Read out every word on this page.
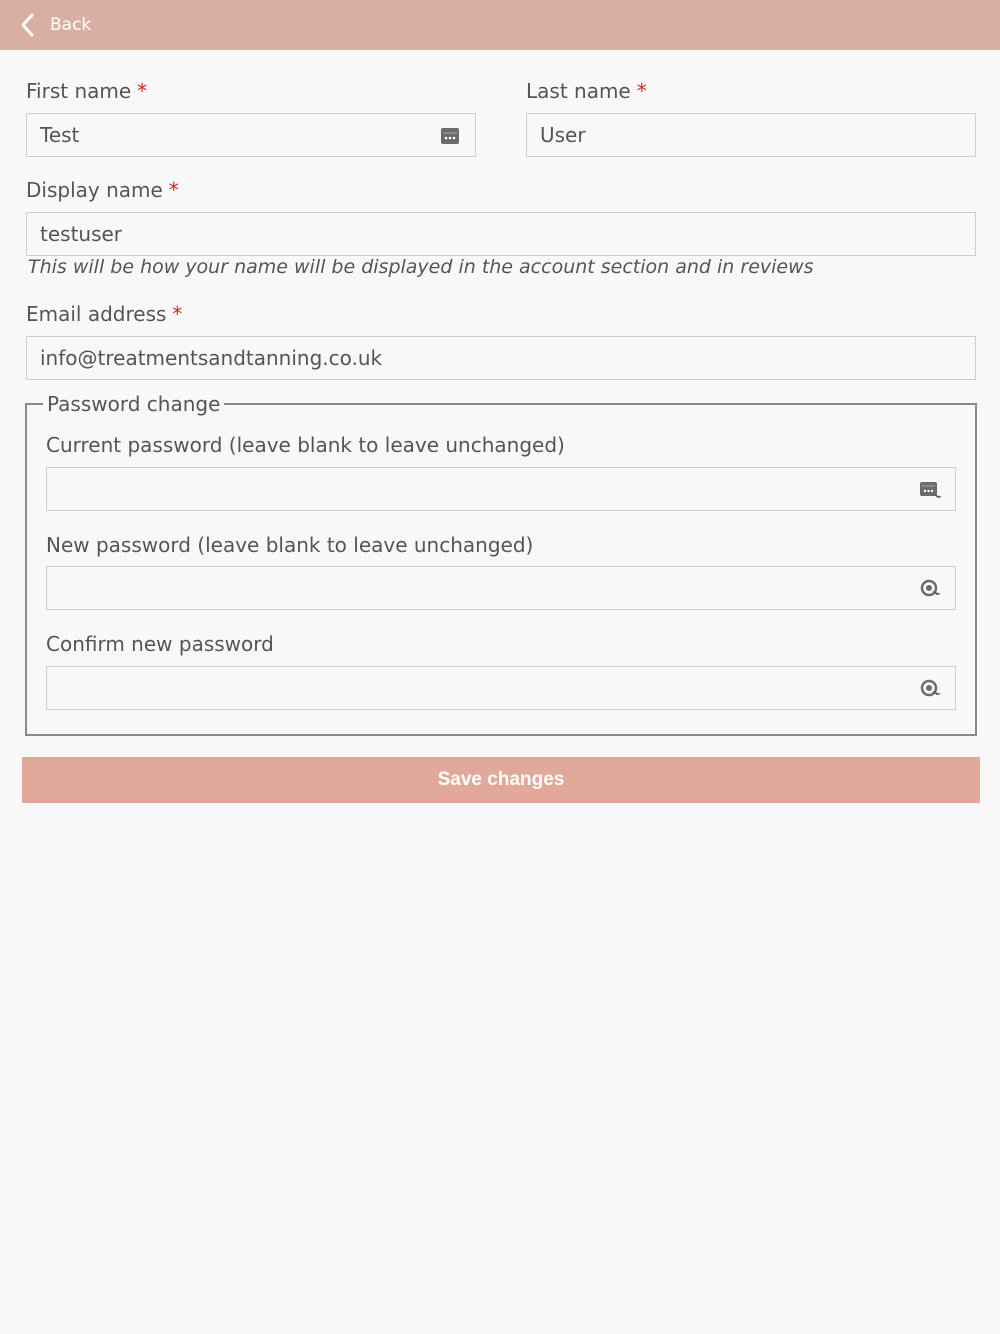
Back
First name *
Test
Last name *
User
Display name *
testuser
This will be how your name will be displayed in the account section and in reviews
Email address *
info@treatmentsandtanning.co.uk
Password change
Current password (leave blank to leave unchanged)
New password (leave blank to leave unchanged)
Confirm new password
Save changes
